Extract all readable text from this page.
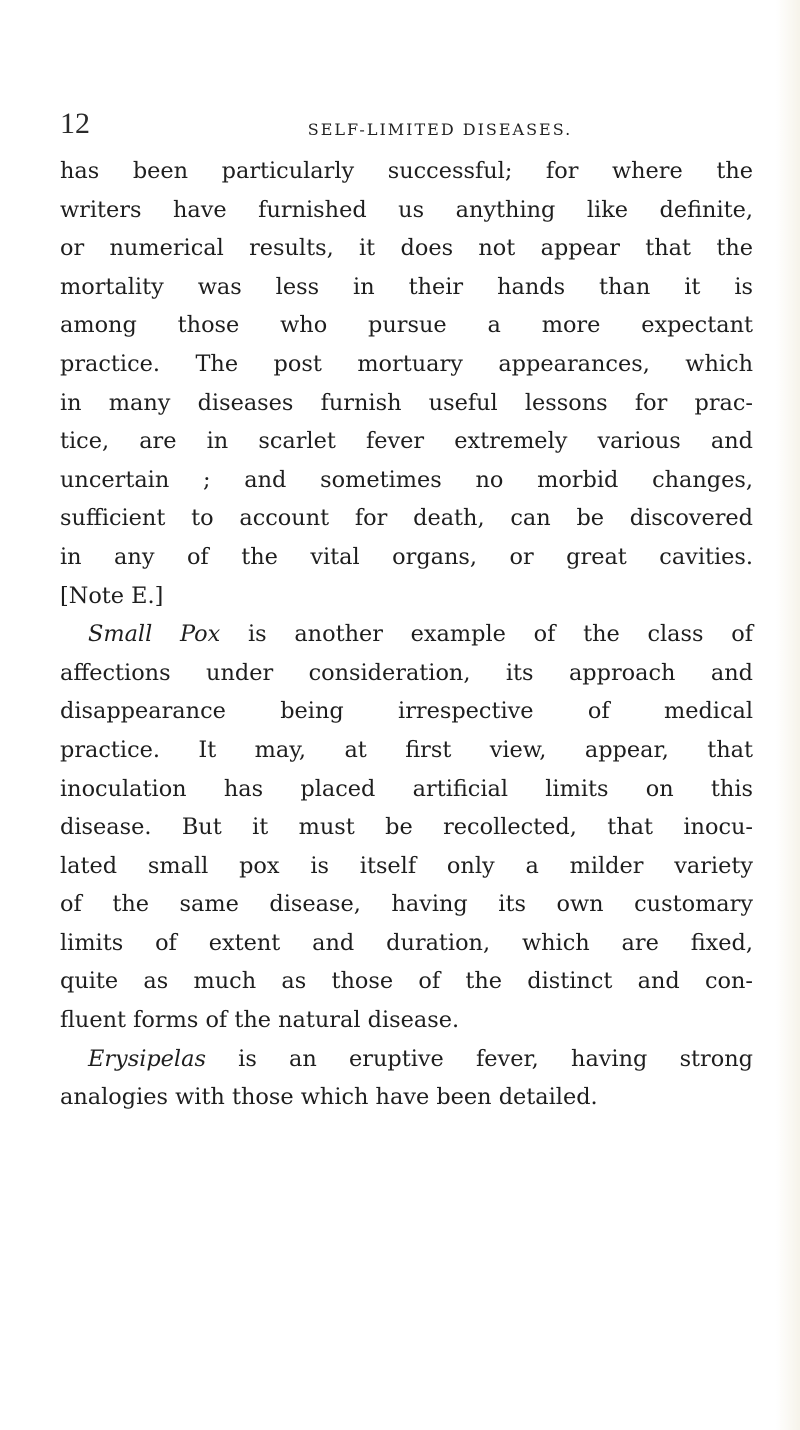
12	SELF-LIMITED DISEASES.
has been particularly successful; for where the
writers have furnished us anything like definite,
or numerical results, it does not appear that the
mortality was less in their hands than it is
among those who pursue a more expectant
practice. The post mortuary appearances, which
in many diseases furnish useful lessons for prac-
tice, are in scarlet fever extremely various and
uncertain ; and sometimes no morbid changes,
sufficient to account for death, can be discovered
in any of the vital organs, or great cavities.
[Note E.]
Small Pox is another example of the class of
affections under consideration, its approach and
disappearance being irrespective of medical
practice. It may, at first view, appear, that
inoculation has placed artificial limits on this
disease. But it must be recollected, that inocu-
lated small pox is itself only a milder variety
of the same disease, having its own customary
limits of extent and duration, which are fixed,
quite as much as those of the distinct and con-
fluent forms of the natural disease.
Erysipelas is an eruptive fever, having strong
analogies with those which have been detailed.
